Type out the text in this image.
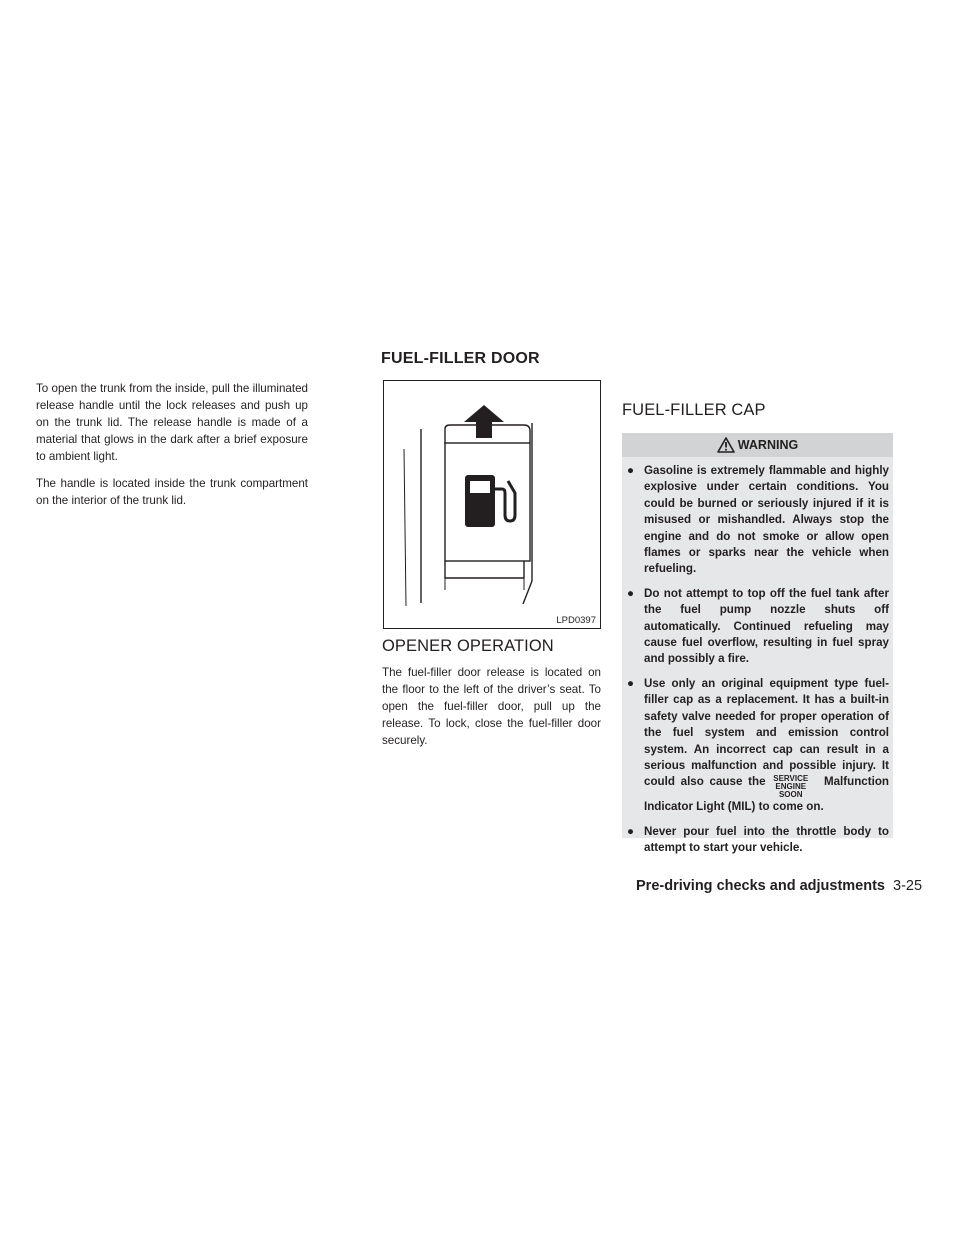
FUEL-FILLER DOOR

To open the trunk from the inside, pull the illuminated release handle until the lock releases and push up on the trunk lid. The release handle is made of a material that glows in the dark after a brief exposure to ambient light.

The handle is located inside the trunk compartment on the interior of the trunk lid.

LPD0397
OPENER OPERATION

The fuel-filler door release is located on the floor to the left of the driver’s seat. To open the fuel-filler door, pull up the release. To lock, close the fuel-filler door securely.

FUEL-FILLER CAP
WARNING
● Gasoline is extremely flammable and highly explosive under certain conditions. You could be burned or seriously injured if it is misused or mishandled. Always stop the engine and do not smoke or allow open flames or sparks near the vehicle when refueling.
● Do not attempt to top off the fuel tank after the fuel pump nozzle shuts off automatically. Continued refueling may cause fuel overflow, resulting in fuel spray and possibly a fire.
● Use only an original equipment type fuel-filler cap as a replacement. It has a built-in safety valve needed for proper operation of the fuel system and emission control system. An incorrect cap can result in a serious malfunction and possible injury. It could also cause the SERVICE
ENGINE
SOON Malfunction Indicator Light (MIL) to come on.
● Never pour fuel into the throttle body to attempt to start your vehicle.
Pre-driving checks and adjustments 3-25
